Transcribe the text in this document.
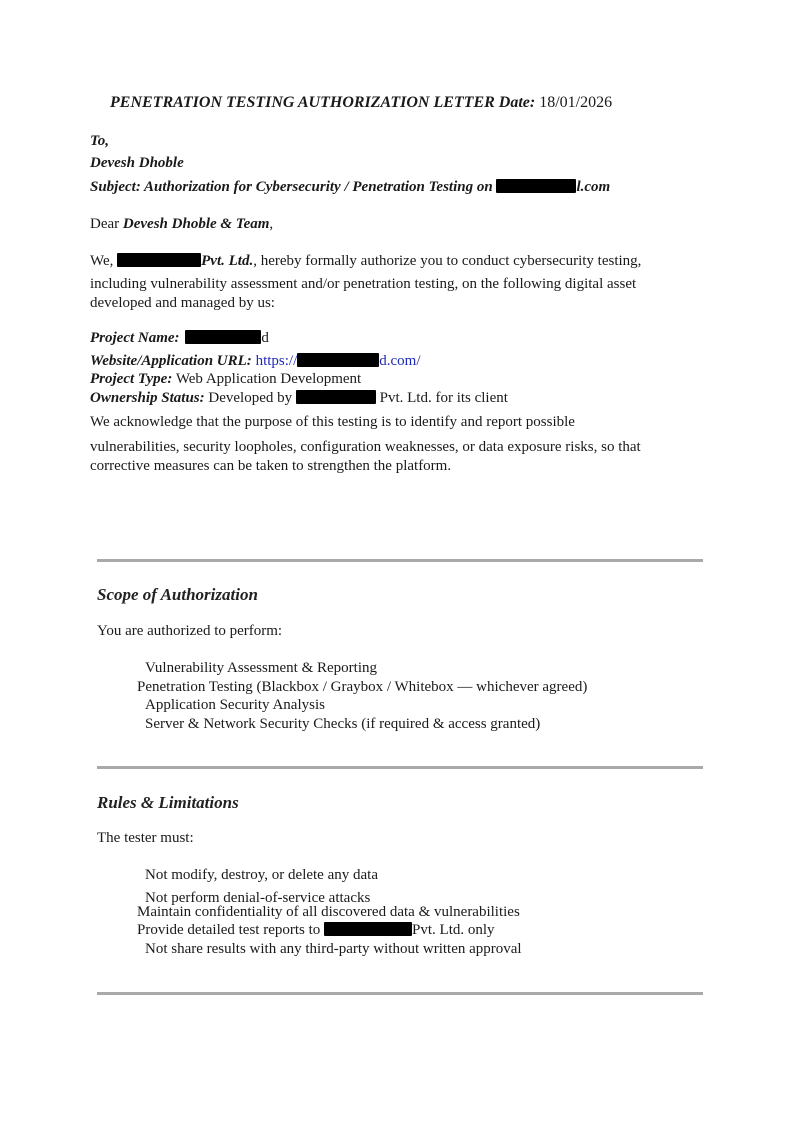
PENETRATION TESTING AUTHORIZATION LETTER Date: 18/01/2026
To,
Devesh Dhoble
Subject: Authorization for Cybersecurity / Penetration Testing on	l.com
Dear Devesh Dhoble & Team,
We,	Pvt. Ltd., hereby formally authorize you to conduct cybersecurity testing,
including vulnerability assessment and/or penetration testing, on the following digital asset
developed and managed by us:
Project Name:	d
Website/Application URL: https://	d.com/
Project Type: Web Application Development
Ownership Status: Developed by	Pvt. Ltd. for its client
We acknowledge that the purpose of this testing is to identify and report possible
vulnerabilities, security loopholes, configuration weaknesses, or data exposure risks, so that
corrective measures can be taken to strengthen the platform.
Scope of Authorization
You are authorized to perform:
Vulnerability Assessment & Reporting
Penetration Testing (Blackbox / Graybox / Whitebox — whichever agreed)
Application Security Analysis
Server & Network Security Checks (if required & access granted)
Rules & Limitations
The tester must:
Not modify, destroy, or delete any data
Not perform denial-of-service attacks
Maintain confidentiality of all discovered data & vulnerabilities
Provide detailed test reports to	Pvt. Ltd. only
Not share results with any third-party without written approval
